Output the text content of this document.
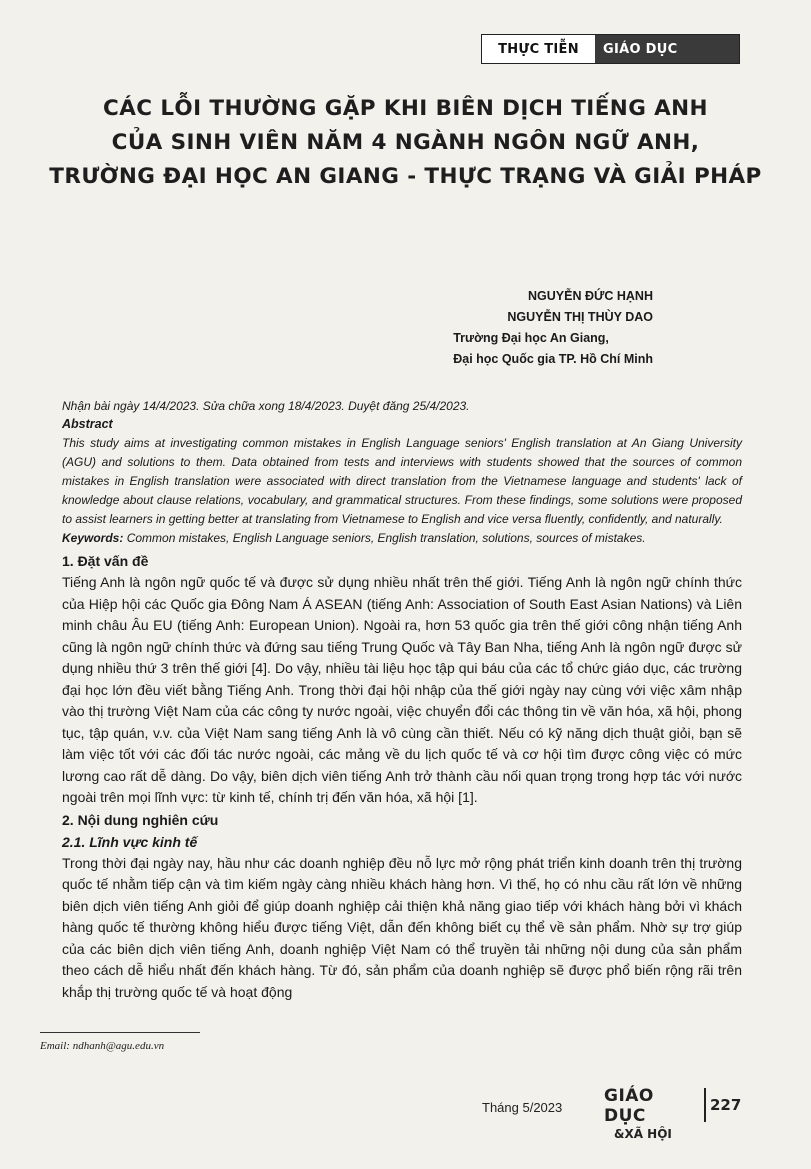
THỰC TIỄN	GIÁO DỤC
CÁC LỖI THƯỜNG GẶP KHI BIÊN DỊCH TIẾNG ANH
CỦA SINH VIÊN NĂM 4 NGÀNH NGÔN NGỮ ANH,
TRƯỜNG ĐẠI HỌC AN GIANG - THỰC TRẠNG VÀ GIẢI PHÁP
NGUYỄN ĐỨC HẠNH
NGUYỄN THỊ THÙY DAO
Trường Đại học An Giang,
Đại học Quốc gia TP. Hồ Chí Minh
Nhận bài ngày 14/4/2023. Sửa chữa xong 18/4/2023. Duyệt đăng 25/4/2023.
Abstract
This study aims at investigating common mistakes in English Language seniors' English translation at An Giang University (AGU) and solutions to them. Data obtained from tests and interviews with students showed that the sources of common mistakes in English translation were associated with direct translation from the Vietnamese language and students' lack of knowledge about clause relations, vocabulary, and grammatical structures. From these findings, some solutions were proposed to assist learners in getting better at translating from Vietnamese to English and vice versa fluently, confidently, and naturally.
Keywords: Common mistakes, English Language seniors, English translation, solutions, sources of mistakes.
1. Đặt vấn đề
Tiếng Anh là ngôn ngữ quốc tế và được sử dụng nhiều nhất trên thế giới. Tiếng Anh là ngôn ngữ chính thức của Hiệp hội các Quốc gia Đông Nam Á ASEAN (tiếng Anh: Association of South East Asian Nations) và Liên minh châu Âu EU (tiếng Anh: European Union). Ngoài ra, hơn 53 quốc gia trên thế giới công nhận tiếng Anh cũng là ngôn ngữ chính thức và đứng sau tiếng Trung Quốc và Tây Ban Nha, tiếng Anh là ngôn ngữ được sử dụng nhiều thứ 3 trên thế giới [4]. Do vậy, nhiều tài liệu học tập qui báu của các tổ chức giáo dục, các trường đại học lớn đều viết bằng Tiếng Anh. Trong thời đại hội nhập của thế giới ngày nay cùng với việc xâm nhập vào thị trường Việt Nam của các công ty nước ngoài, việc chuyển đổi các thông tin về văn hóa, xã hội, phong tục, tập quán, v.v. của Việt Nam sang tiếng Anh là vô cùng cần thiết. Nếu có kỹ năng dịch thuật giỏi, bạn sẽ làm việc tốt với các đối tác nước ngoài, các mảng về du lịch quốc tế và cơ hội tìm được công việc có mức lương cao rất dễ dàng. Do vậy, biên dịch viên tiếng Anh trở thành cầu nối quan trọng trong hợp tác với nước ngoài trên mọi lĩnh vực: từ kinh tế, chính trị đến văn hóa, xã hội [1].
2. Nội dung nghiên cứu
2.1. Lĩnh vực kinh tế
Trong thời đại ngày nay, hầu như các doanh nghiệp đều nỗ lực mở rộng phát triển kinh doanh trên thị trường quốc tế nhằm tiếp cận và tìm kiếm ngày càng nhiều khách hàng hơn. Vì thế, họ có nhu cầu rất lớn về những biên dịch viên tiếng Anh giỏi để giúp doanh nghiệp cải thiện khả năng giao tiếp với khách hàng bởi vì khách hàng quốc tế thường không hiểu được tiếng Việt, dẫn đến không biết cụ thể về sản phẩm. Nhờ sự trợ giúp của các biên dịch viên tiếng Anh, doanh nghiệp Việt Nam có thể truyền tải những nội dung của sản phẩm theo cách dễ hiểu nhất đến khách hàng. Từ đó, sản phẩm của doanh nghiệp sẽ được phổ biến rộng rãi trên khắp thị trường quốc tế và hoạt động
Email: ndhanh@agu.edu.vn
Tháng 5/2023
GIÁO DỤC
&XÃ HỘI
227
